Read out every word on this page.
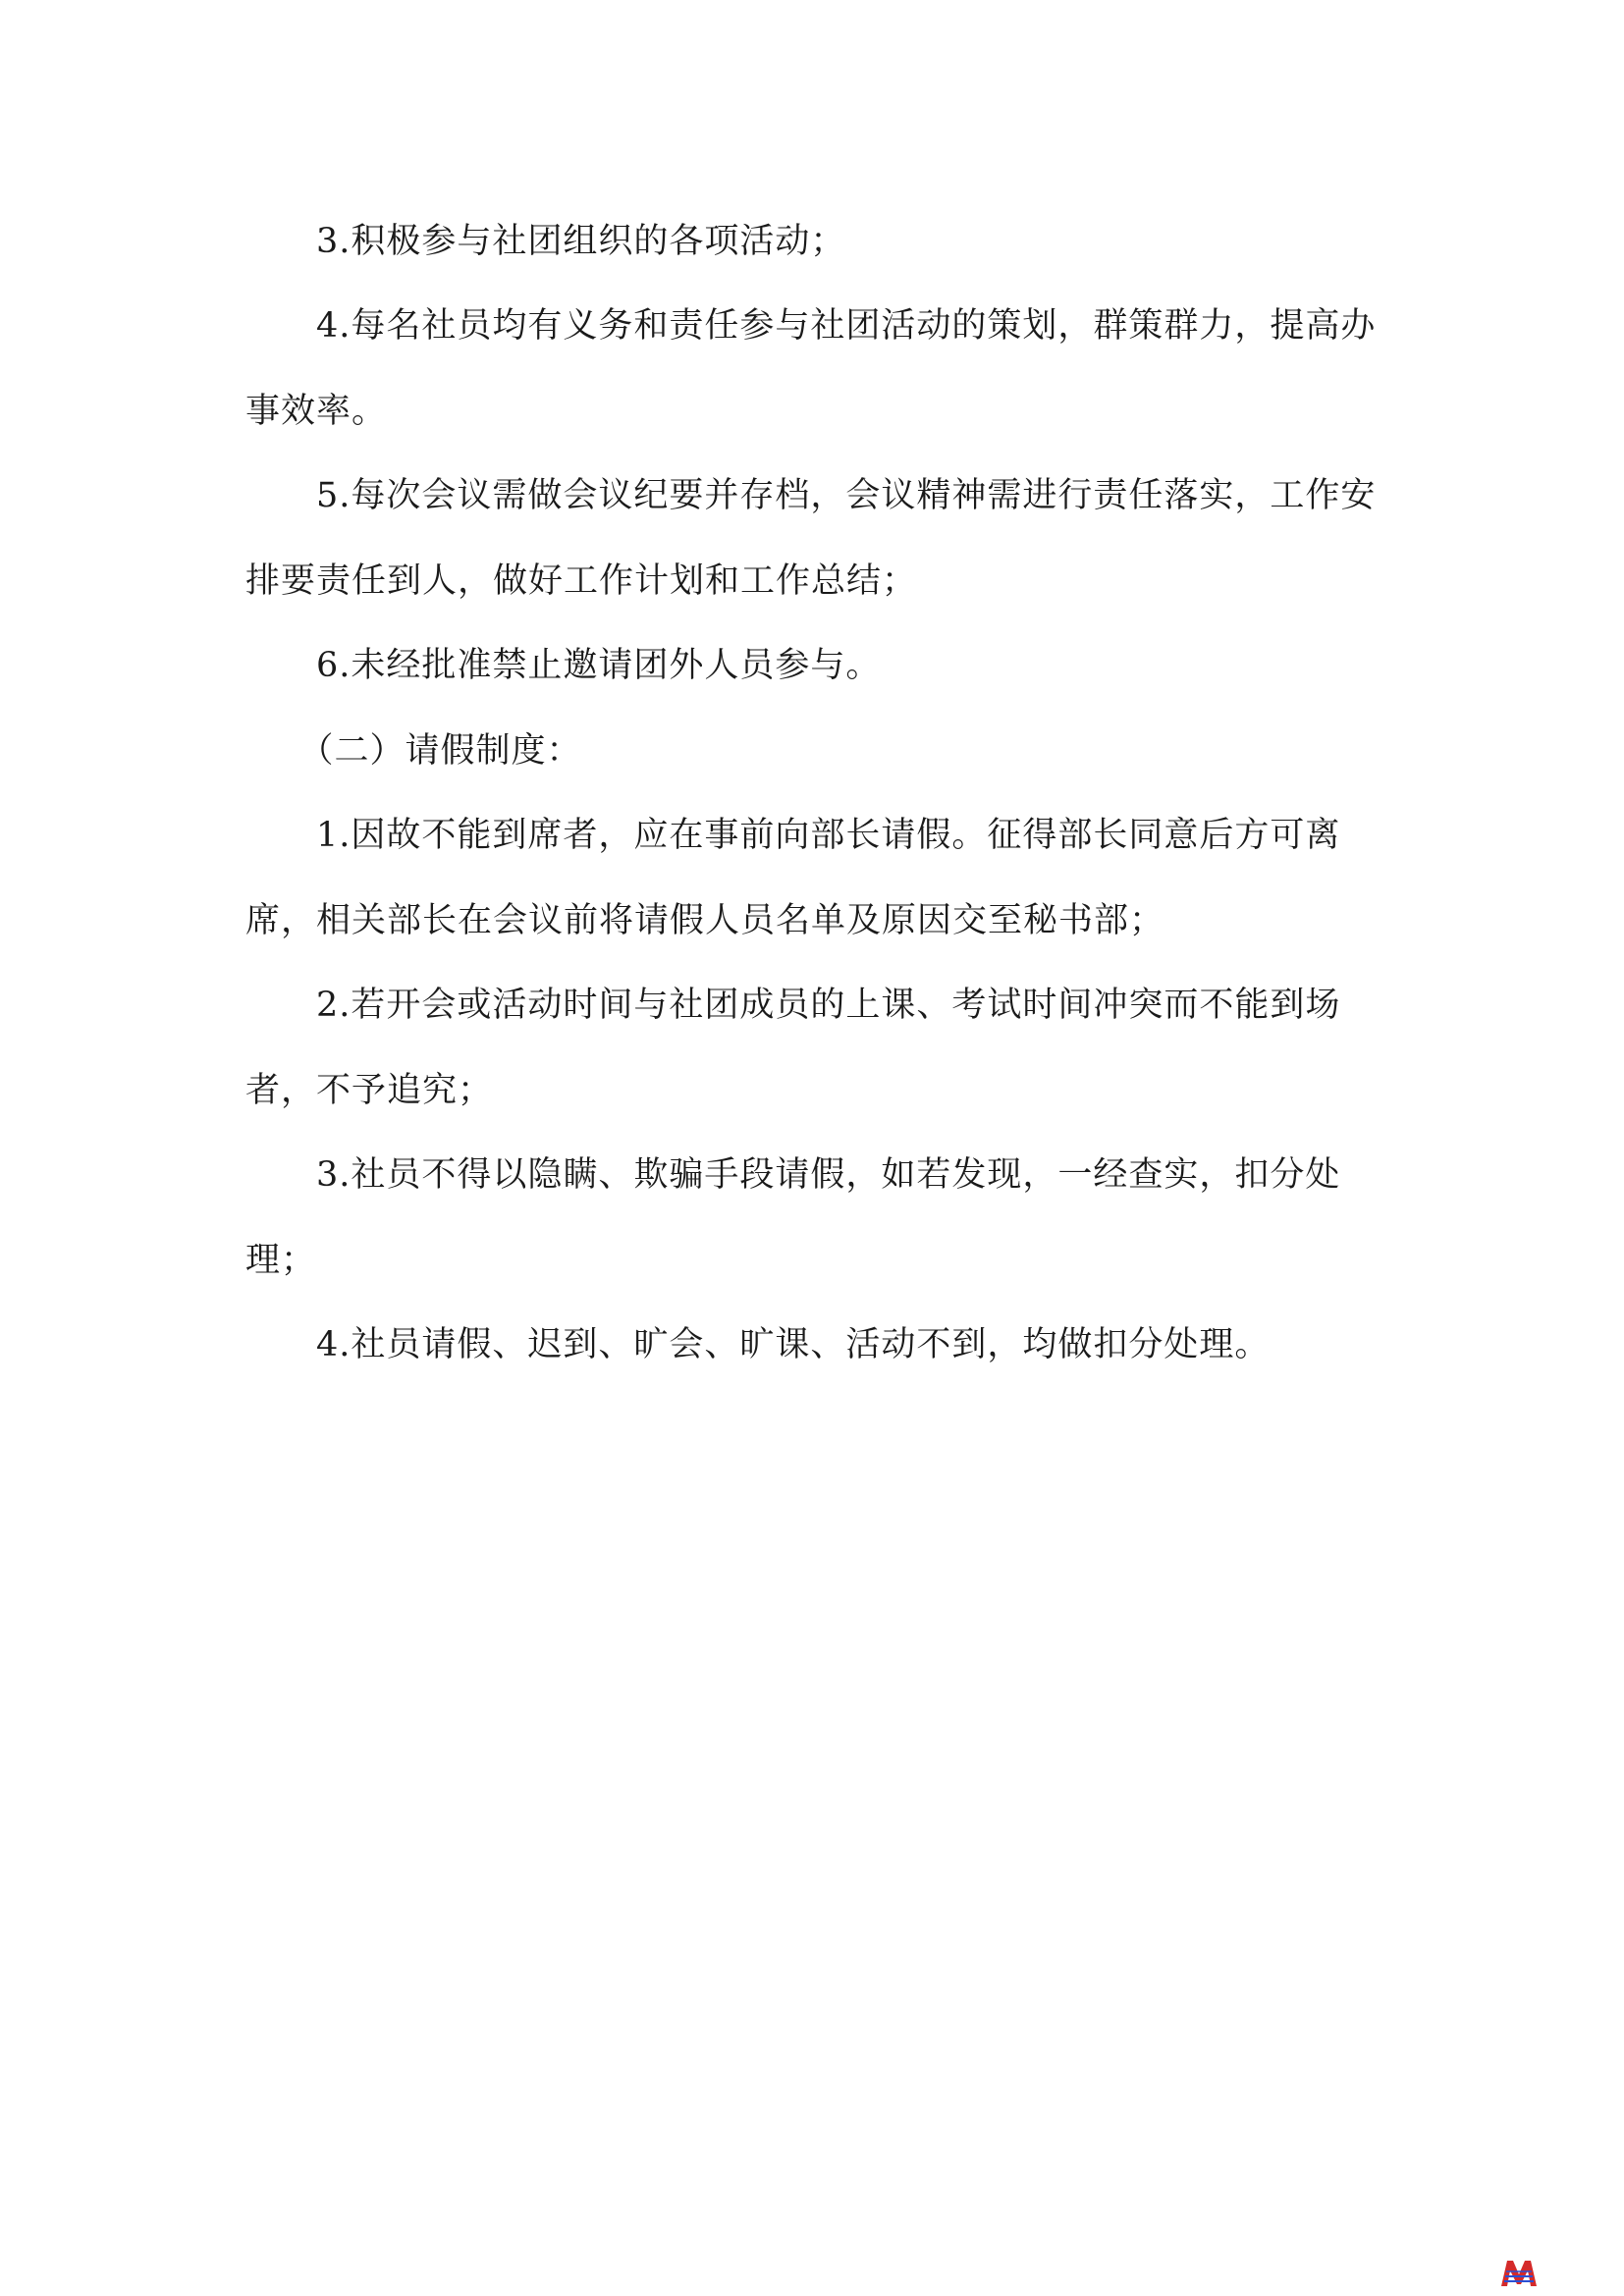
　　3.积极参与社团组织的各项活动；

　　4.每名社员均有义务和责任参与社团活动的策划，群策群力，提高办事效率。

　　5.每次会议需做会议纪要并存档，会议精神需进行责任落实，工作安排要责任到人，做好工作计划和工作总结；

　　6.未经批准禁止邀请团外人员参与。

　　（二）请假制度：

　　1.因故不能到席者，应在事前向部长请假。征得部长同意后方可离席，相关部长在会议前将请假人员名单及原因交至秘书部；

　　2.若开会或活动时间与社团成员的上课、考试时间冲突而不能到场者，不予追究；

　　3.社员不得以隐瞒、欺骗手段请假，如若发现，一经查实，扣分处理；

　　4.社员请假、迟到、旷会、旷课、活动不到，均做扣分处理。
